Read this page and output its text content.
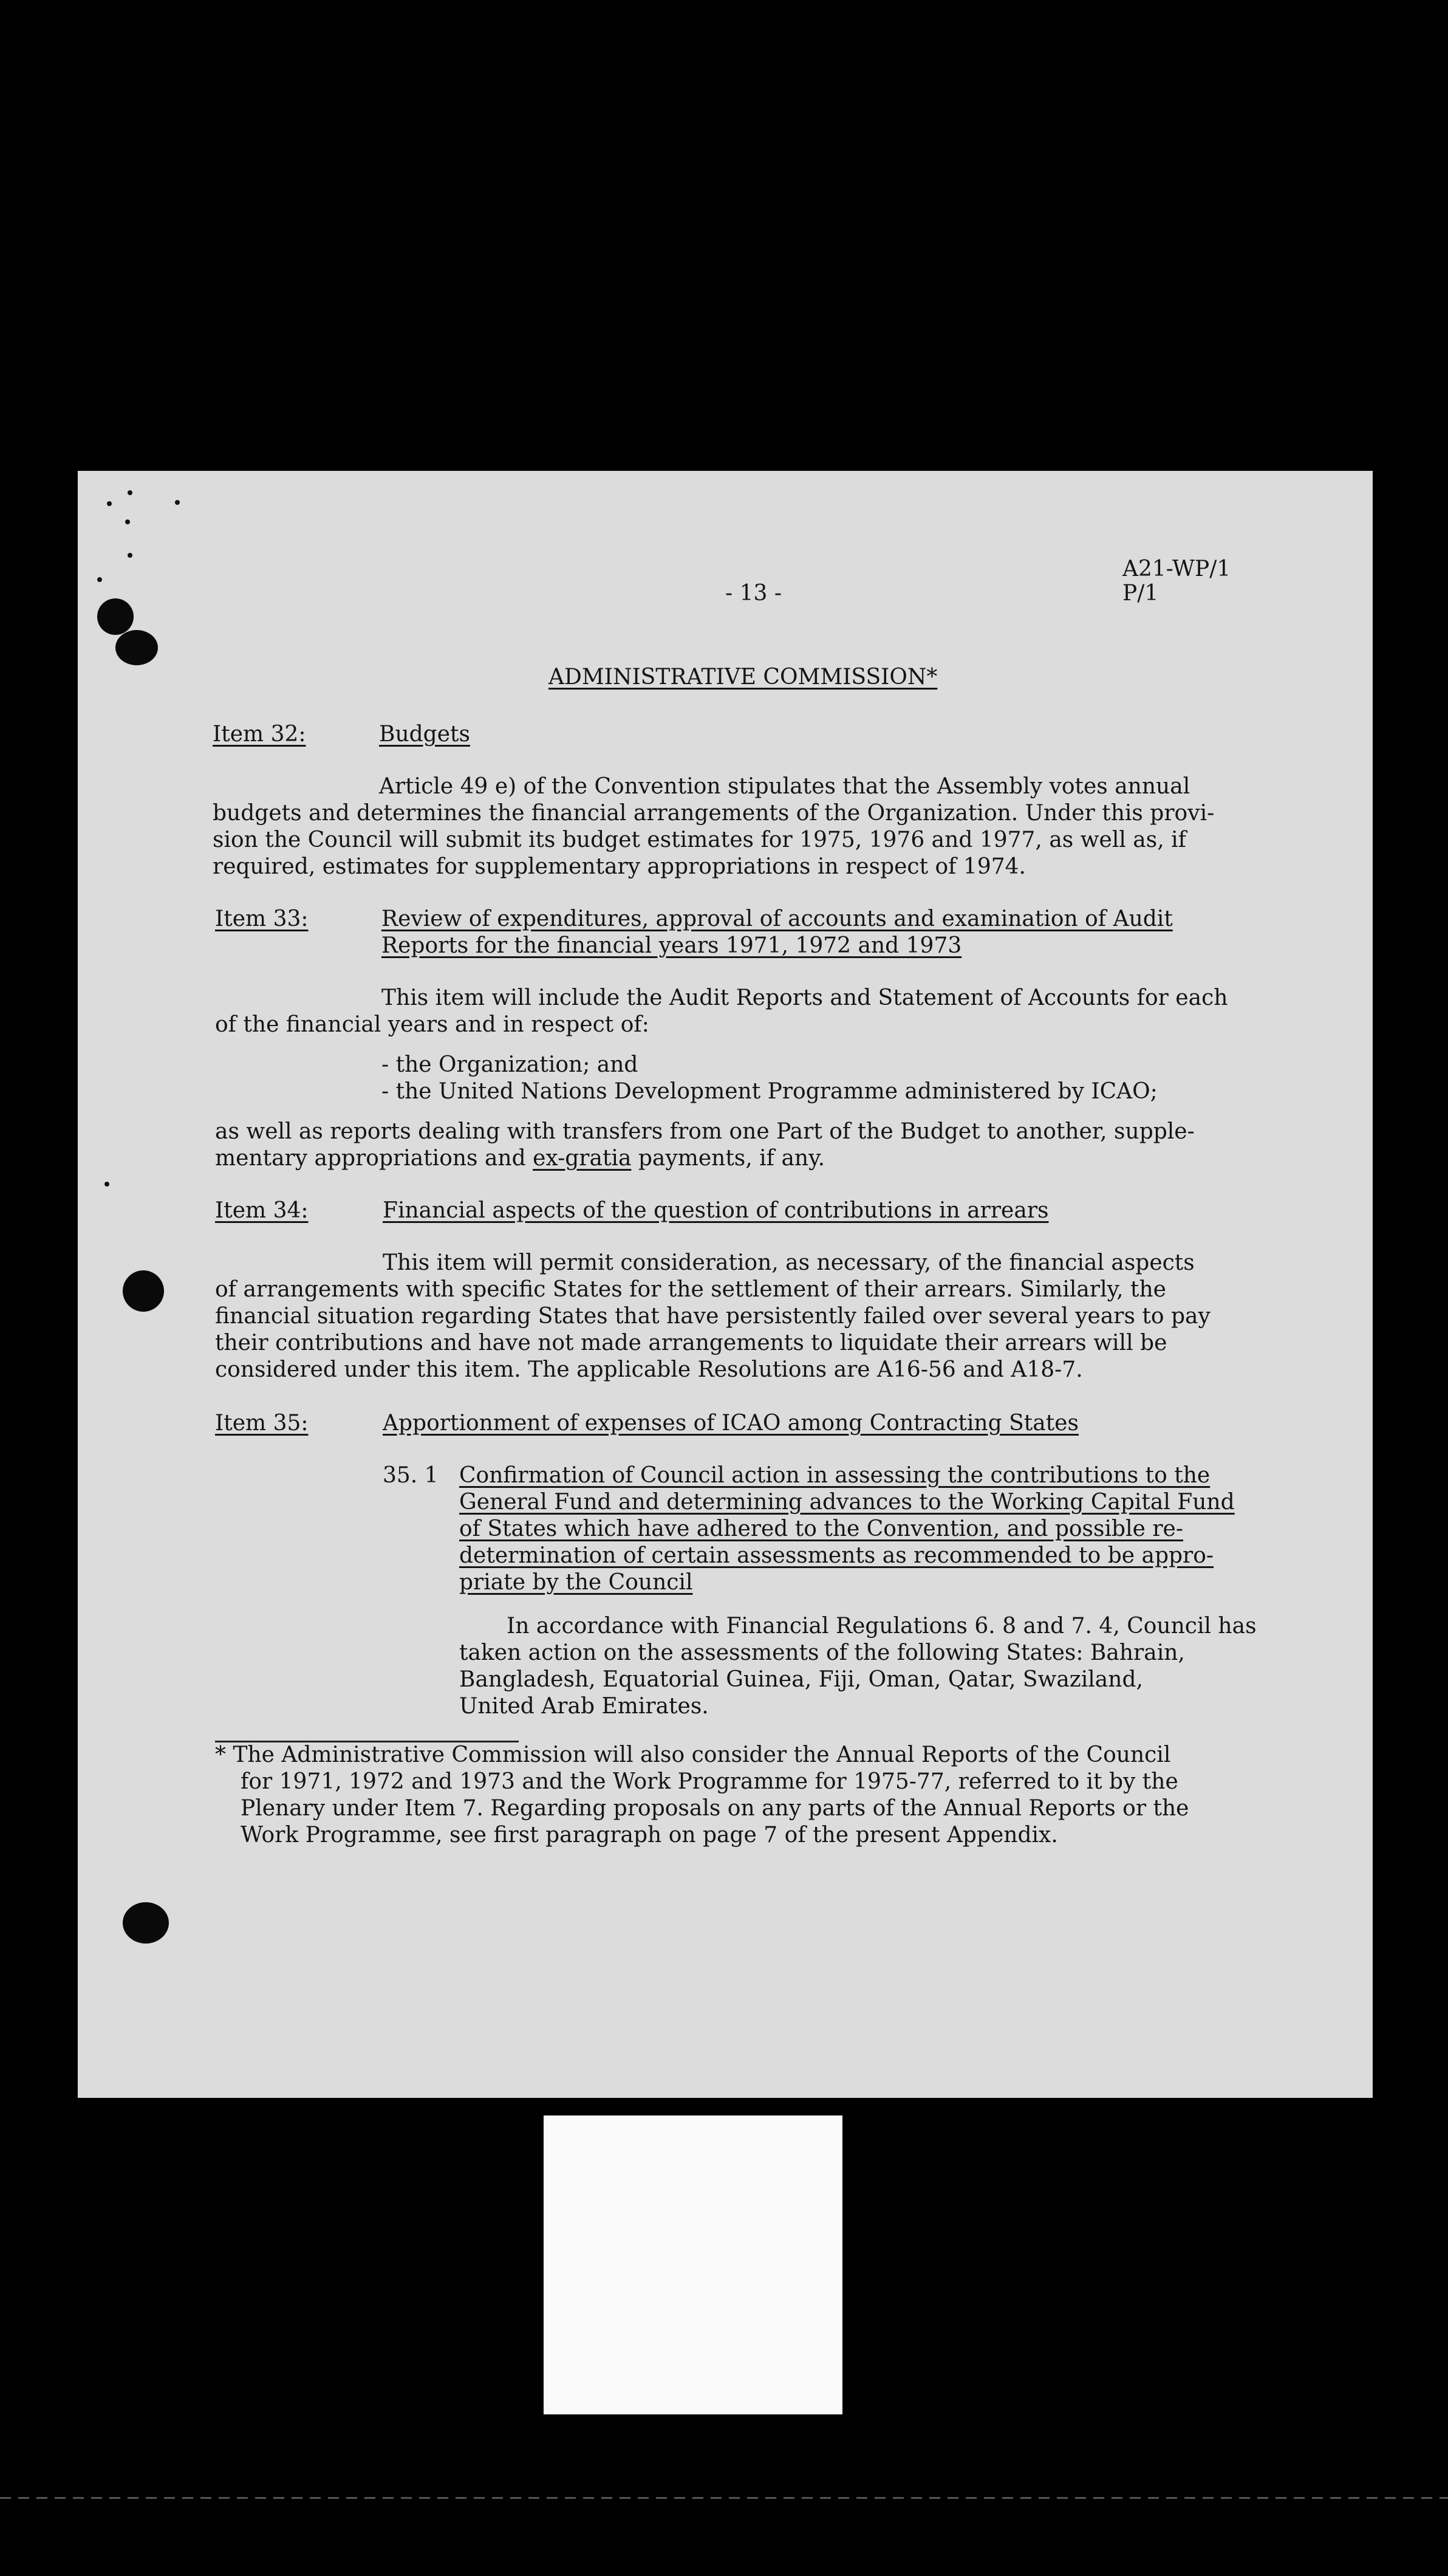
- 13 -
A21-WP/1
P/1
ADMINISTRATIVE COMMISSION*
Item 32:	Budgets
Article 49 e) of the Convention stipulates that the Assembly votes annual
budgets and determines the financial arrangements of the Organization. Under this provi-
sion the Council will submit its budget estimates for 1975, 1976 and 1977, as well as, if
required, estimates for supplementary appropriations in respect of 1974.
Item 33:	Review of expenditures, approval of accounts and examination of Audit
Reports for the financial years 1971, 1972 and 1973
This item will include the Audit Reports and Statement of Accounts for each
of the financial years and in respect of:
- the Organization; and
- the United Nations Development Programme administered by ICAO;
as well as reports dealing with transfers from one Part of the Budget to another, supple-
mentary appropriations and ex-gratia payments, if any.
Item 34:	Financial aspects of the question of contributions in arrears
This item will permit consideration, as necessary, of the financial aspects
of arrangements with specific States for the settlement of their arrears. Similarly, the
financial situation regarding States that have persistently failed over several years to pay
their contributions and have not made arrangements to liquidate their arrears will be
considered under this item. The applicable Resolutions are A16-56 and A18-7.
Item 35:	Apportionment of expenses of ICAO among Contracting States
35. 1 Confirmation of Council action in assessing the contributions to the
General Fund and determining advances to the Working Capital Fund
of States which have adhered to the Convention, and possible re-
determination of certain assessments as recommended to be appro-
priate by the Council
In accordance with Financial Regulations 6. 8 and 7. 4, Council has
taken action on the assessments of the following States: Bahrain,
Bangladesh, Equatorial Guinea, Fiji, Oman, Qatar, Swaziland,
United Arab Emirates.
* The Administrative Commission will also consider the Annual Reports of the Council
for 1971, 1972 and 1973 and the Work Programme for 1975-77, referred to it by the
Plenary under Item 7. Regarding proposals on any parts of the Annual Reports or the
Work Programme, see first paragraph on page 7 of the present Appendix.
